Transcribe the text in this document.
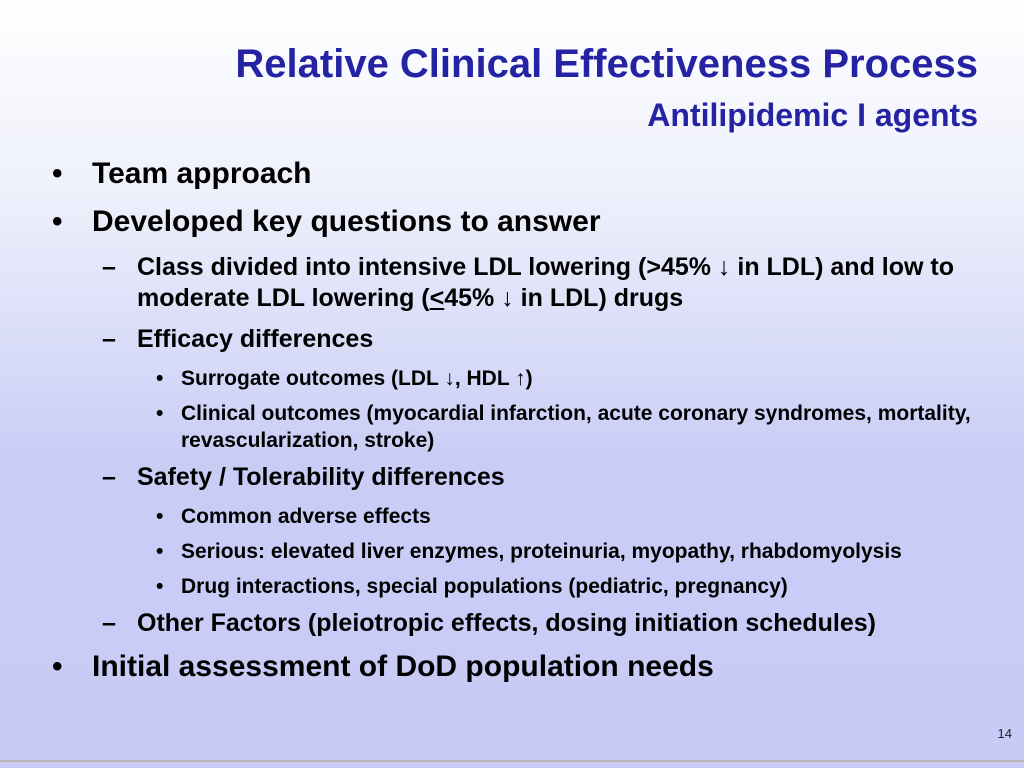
Relative Clinical Effectiveness Process
Antilipidemic I agents
• Team approach
• Developed key questions to answer
– Class divided into intensive LDL lowering (>45% ↓ in LDL) and low to moderate LDL lowering (≤45% ↓ in LDL) drugs
– Efficacy differences
• Surrogate outcomes (LDL ↓, HDL ↑)
• Clinical outcomes (myocardial infarction, acute coronary syndromes, mortality, revascularization, stroke)
– Safety / Tolerability differences
• Common adverse effects
• Serious: elevated liver enzymes, proteinuria, myopathy, rhabdomyolysis
• Drug interactions, special populations (pediatric, pregnancy)
– Other Factors (pleiotropic effects, dosing initiation schedules)
• Initial assessment of DoD population needs
14
